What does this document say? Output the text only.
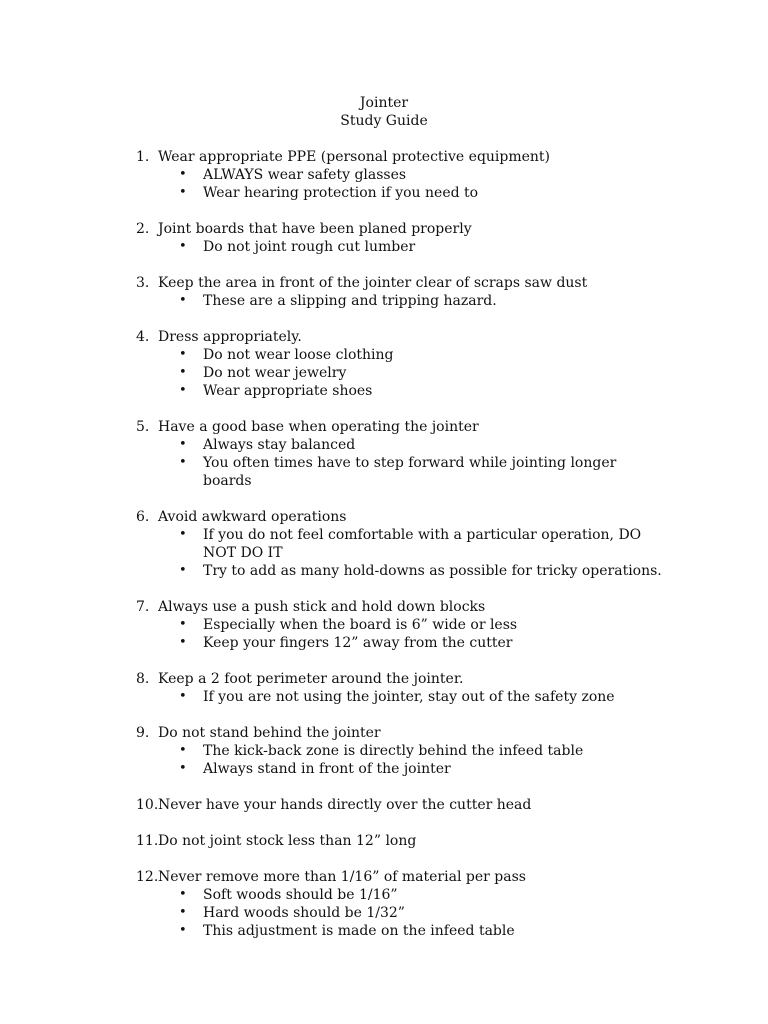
Jointer
Study Guide
1. Wear appropriate PPE (personal protective equipment)
• ALWAYS wear safety glasses
• Wear hearing protection if you need to
2. Joint boards that have been planed properly
• Do not joint rough cut lumber
3. Keep the area in front of the jointer clear of scraps saw dust
• These are a slipping and tripping hazard.
4. Dress appropriately.
• Do not wear loose clothing
• Do not wear jewelry
• Wear appropriate shoes
5. Have a good base when operating the jointer
• Always stay balanced
• You often times have to step forward while jointing longer boards
6. Avoid awkward operations
• If you do not feel comfortable with a particular operation, DO NOT DO IT
• Try to add as many hold-downs as possible for tricky operations.
7. Always use a push stick and hold down blocks
• Especially when the board is 6” wide or less
• Keep your fingers 12” away from the cutter
8. Keep a 2 foot perimeter around the jointer.
• If you are not using the jointer, stay out of the safety zone
9. Do not stand behind the jointer
• The kick-back zone is directly behind the infeed table
• Always stand in front of the jointer
10. Never have your hands directly over the cutter head
11. Do not joint stock less than 12” long
12. Never remove more than 1/16” of material per pass
• Soft woods should be 1/16”
• Hard woods should be 1/32”
• This adjustment is made on the infeed table
